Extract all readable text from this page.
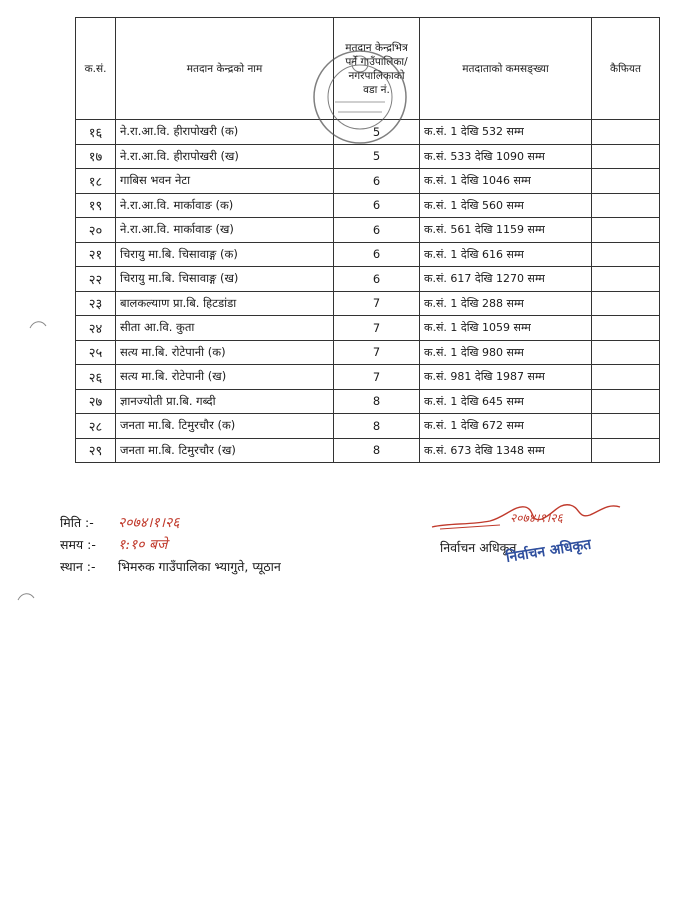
क.सं.	मतदान केन्द्रको नाम	मतदान केन्द्रभित्र पर्ने गाउँपालिका/ नगरपालिकाको वडा नं.	मतदाताको कमसङ्ख्या	कैफियत
१६	ने.रा.आ.वि. हीरापोखरी (क)	5	क.सं. 1 देखि 532 सम्म	
१७	ने.रा.आ.वि. हीरापोखरी (ख)	5	क.सं. 533 देखि 1090 सम्म	
१८	गाबिस भवन नेटा	6	क.सं. 1 देखि 1046 सम्म	
१९	ने.रा.आ.वि. मार्कावाङ (क)	6	क.सं. 1 देखि 560 सम्म	
२०	ने.रा.आ.वि. मार्कावाङ (ख)	6	क.सं. 561 देखि 1159 सम्म	
२१	चिरायु मा.बि. चिसावाङ्ग (क)	6	क.सं. 1 देखि 616 सम्म	
२२	चिरायु मा.बि. चिसावाङ्ग (ख)	6	क.सं. 617 देखि 1270 सम्म	
२३	बालकल्याण प्रा.बि. हिटडांडा	7	क.सं. 1 देखि 288 सम्म	
२४	सीता आ.वि. कुता	7	क.सं. 1 देखि 1059 सम्म	
२५	सत्य मा.बि. रोटेपानी (क)	7	क.सं. 1 देखि 980 सम्म	
२६	सत्य मा.बि. रोटेपानी (ख)	7	क.सं. 981 देखि 1987 सम्म	
२७	ज्ञानज्योती प्रा.बि. गब्दी	8	क.सं. 1 देखि 645 सम्म	
२८	जनता मा.बि. टिमुरचौर (क)	8	क.सं. 1 देखि 672 सम्म	
२९	जनता मा.बि. टिमुरचौर (ख)	8	क.सं. 673 देखि 1348 सम्म	
मिति :-	२०७४।१।२६
समय :-	१:१० बजे
स्थान :-	भिमरुक गाउँपालिका भ्यागुते, प्यूठान
२०७४।१।२६
निर्वाचन अधिकृत
निर्वाचन अधिकृत
